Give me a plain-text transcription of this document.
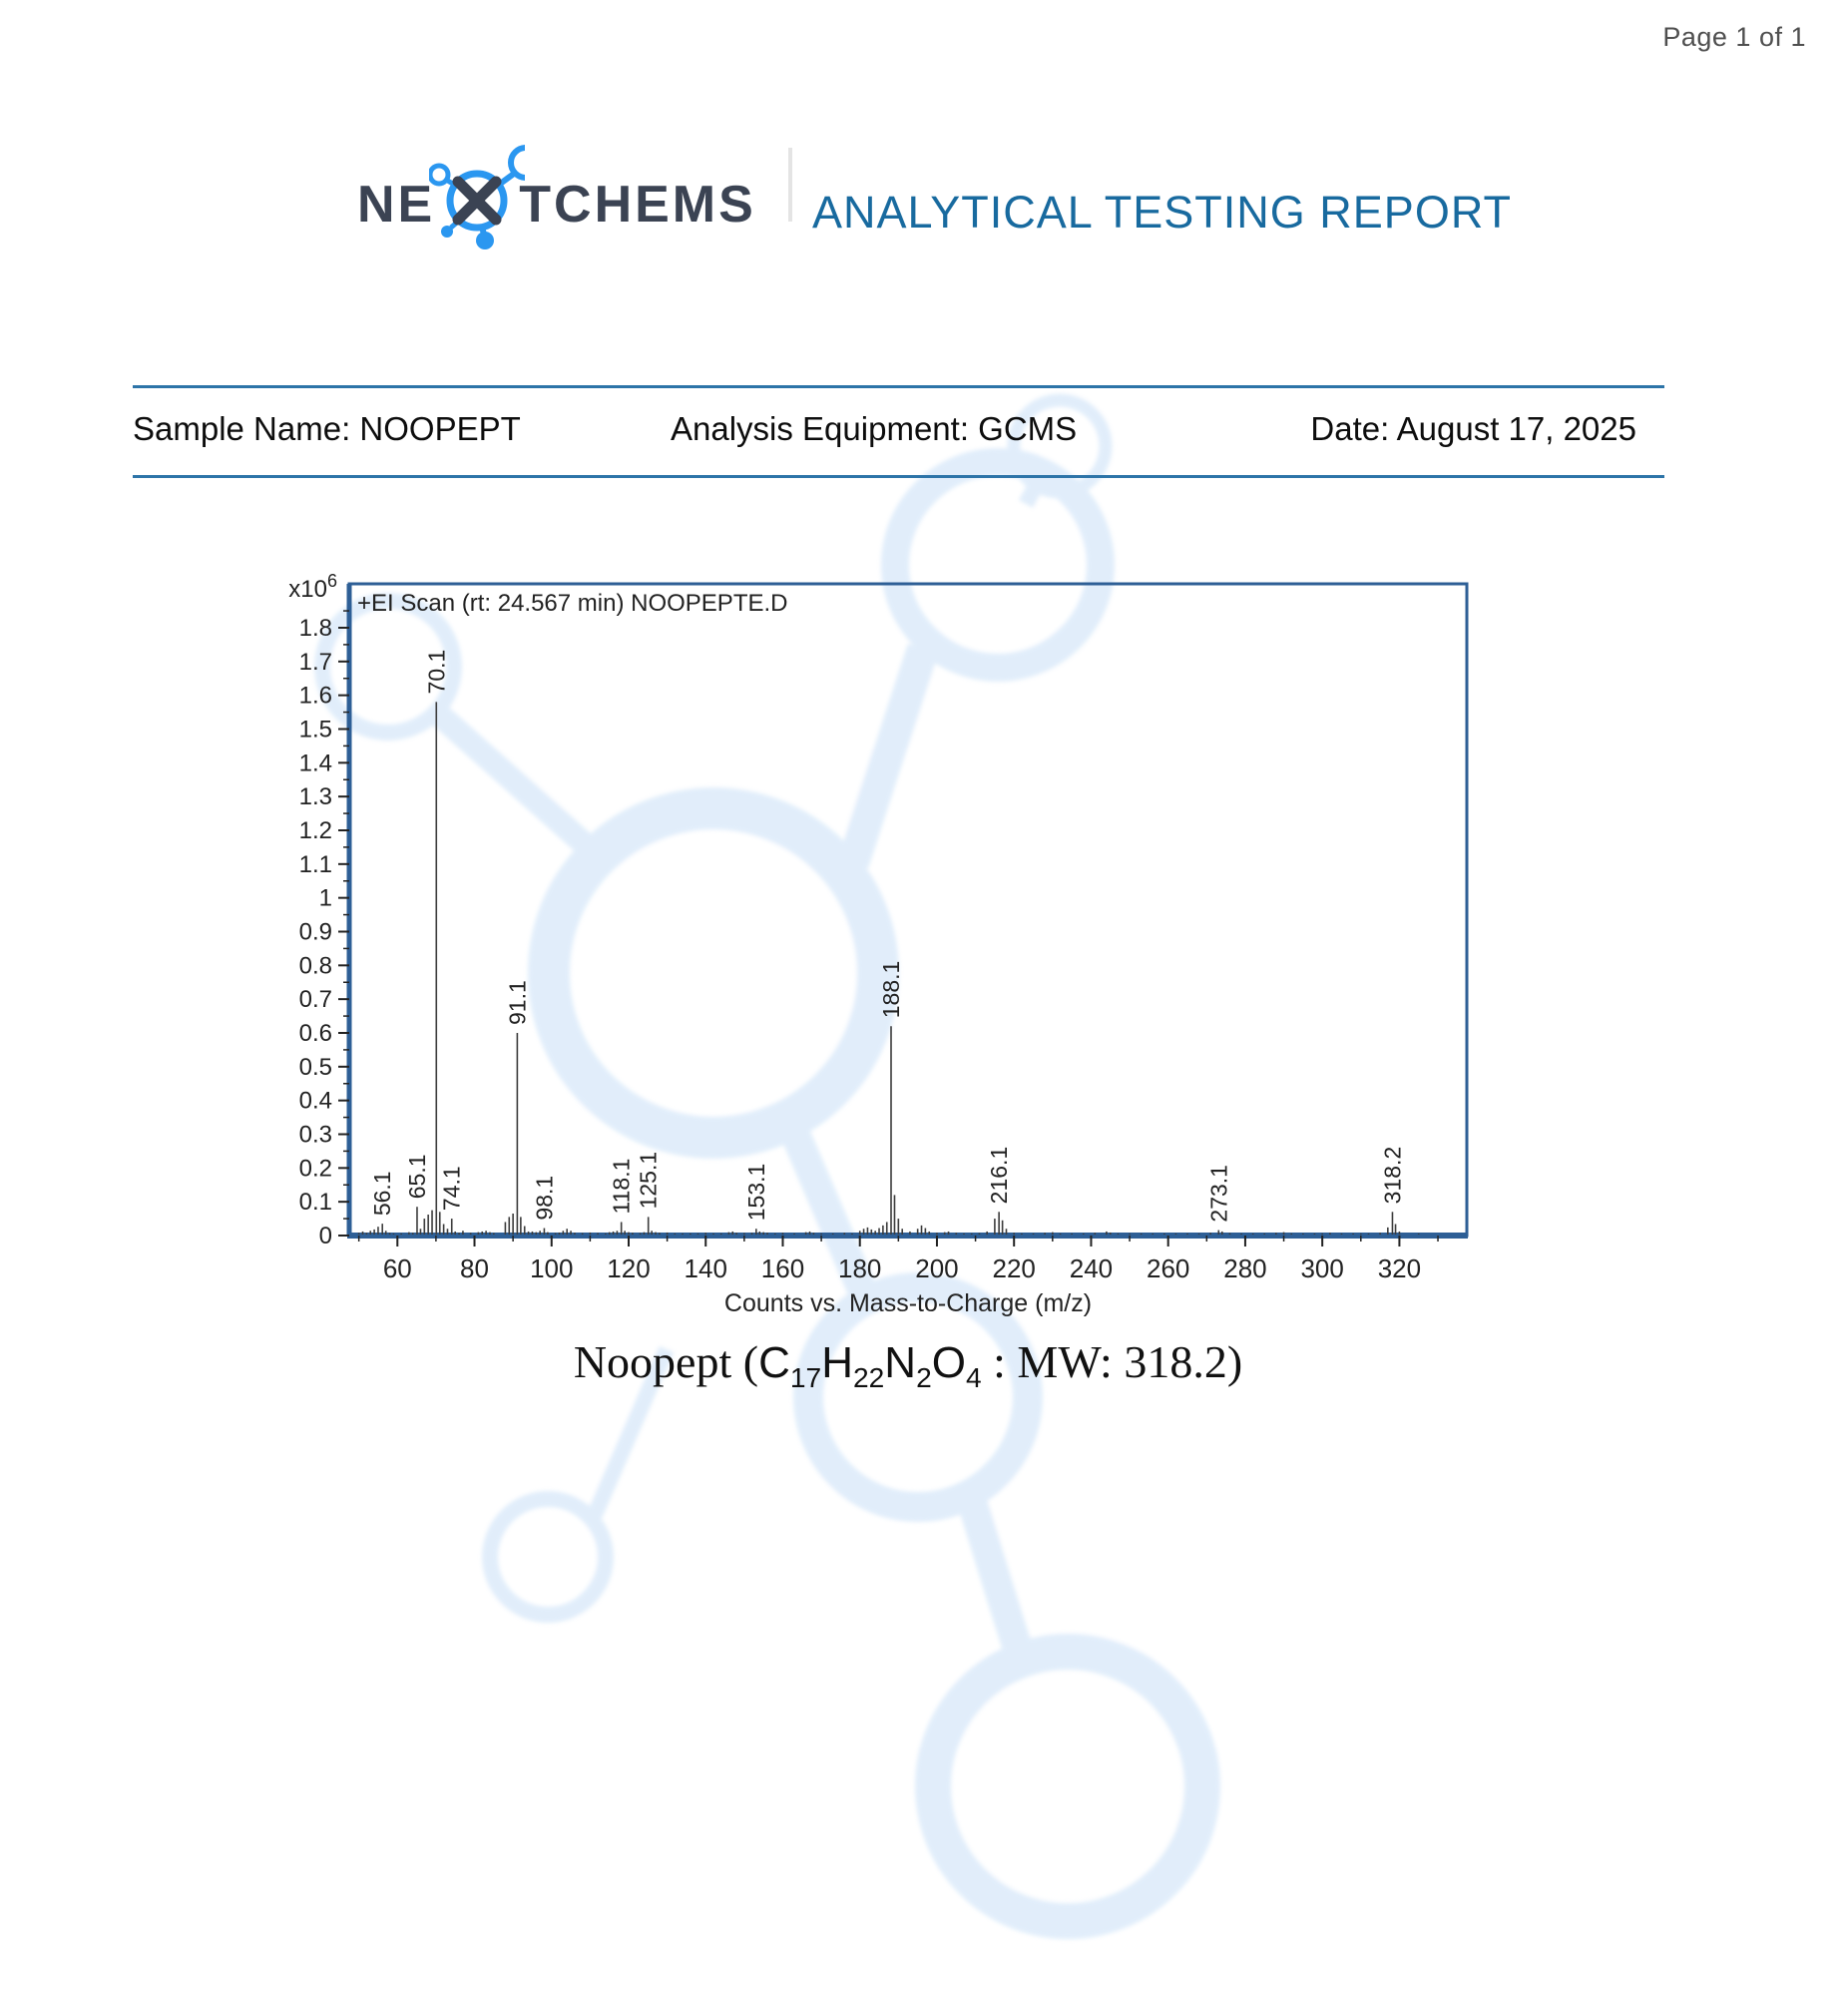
Page 1 of 1
NE TCHEMS ANALYTICAL TESTING REPORT
Sample Name: NOOPEPT	Analysis Equipment: GCMS	Date: August 17, 2025
0
0.1
0.2
0.3
0.4
0.5
0.6
0.7
0.8
0.9
1
1.1
1.2
1.3
1.4
1.5
1.6
1.7
1.8
60 80 100 120 140 160 180 200 220 240 260 280 300 320
Counts vs. Mass-to-Charge (m/z)
+EI Scan (rt: 24.567 min) NOOPEPTE.D
$x10^6$
56.1 65.1
70.1
74.1
91.1
98.1 118.1 125.1	153.1
188.1
216.1	273.1	318.2
Noopept ($C_{17}H_{22}N_2O_4$ : MW: 318.2)
